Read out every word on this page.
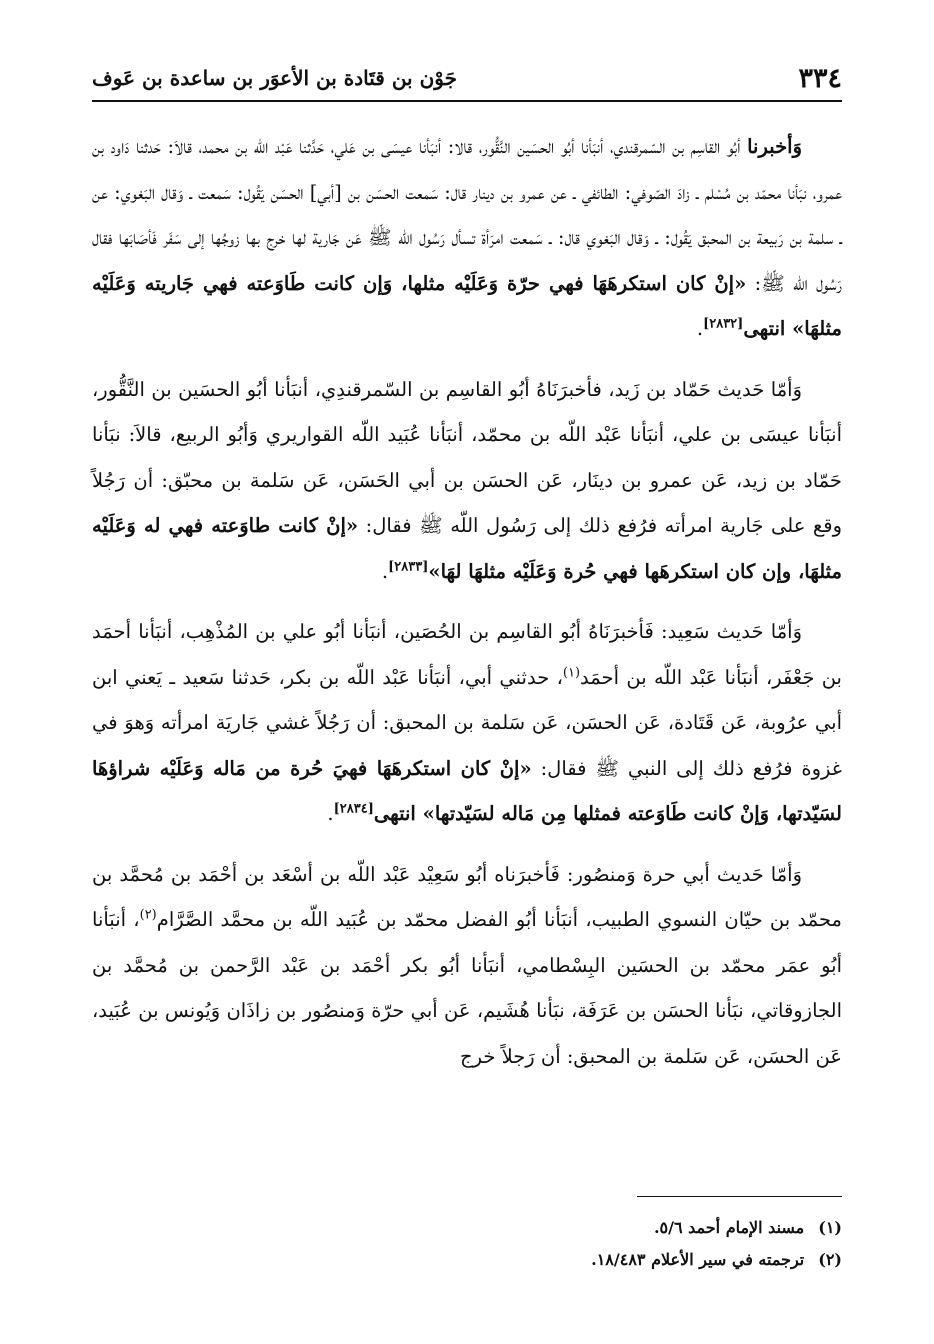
٣٣٤
جَوْن بن قتَادة بن الأعوَر بن ساعدة بن عَوف

وَأخبرنا أبُو القاسِم بن السّمرقندي، أنبَأنا أبُو الحسَين النَّقُّور، قالا: أنبَأنا عيسَى بن عَلي، حَدَّثنا عَبْد اللّه بن محمد، قالاَ: حَدثنا دَاود بن عمرو، نبَأنا محمّد بن مُسْلم ـ زادَ الصّوفي: الطائفي ـ عن عمرو بن دينار قال: سَمعت الحسَن بن [أبي] الحسَن يَقُول: سَمعت ـ وَقال البَغوي: عن ـ سلمة بن رَبيعة بن المحبق يَقُول: ـ وَقال البَغوي قال: ـ سَمعت امرَأة تسأل رَسُول اللّه ﷺ عَن جَارية لها خرج بها زوجُها إلى سَفَر فَأصَابَها فقال رَسُول اللّه ﷺ: «إنْ كان استكرهَهَا فهي حرّة وَعَلَيْه مثلها، وَإن كانت طَاوَعته فهي جَاريته وَعَلَيْه مثلهَا» انتهى[٢٨٣٢].

وَأمّا حَديث حَمّاد بن زَيد، فأخبرَنَاهُ أبُو القاسِم بن السّمرقندِي، أنبَأنا أبُو الحسَين بن النَّقُّور، أنبَأنا عيسَى بن علي، أنبَأنا عَبْد اللّه بن محمّد، أنبَأنا عُبَيد اللّه القواريري وَأبُو الربيع، قالاَ: نبَأنا حَمّاد بن زيد، عَن عمرو بن دينَار، عَن الحسَن بن أبي الحَسَن، عَن سَلمة بن محبّق: أن رَجُلاً وقع على جَارية امرأته فرُفع ذلك إلى رَسُول اللّه ﷺ فقال: «إنْ كانت طاوَعته فهي له وَعَلَيْه مثلهَا، وإن كان استكرهَها فهي حُرة وَعَلَيْه مثلهَا لهَا»[٢٨٣٣].

وَأمّا حَديث سَعِيد: فَأخبرَنَاهُ أبُو القاسِم بن الحُصَين، أنبَأنا أبُو علي بن المُذْهِب، أنبَأنا أحمَد بن جَعْفَر، أنبَأنا عَبْد اللّه بن أحمَد$^{(١)}$، حدثني أبي، أنبَأنا عَبْد اللّه بن بكر، حَدثنا سَعيد ـ يَعني ابن أبي عرُوبة، عَن قَتَادة، عَن الحسَن، عَن سَلمة بن المحبق: أن رَجُلاً غشي جَاريَة امرأته وَهوَ في غزوة فرُفع ذلك إلى النبي ﷺ فقال: «إنْ كان استكرهَهَا فهيَ حُرة من مَاله وَعَلَيْه شراؤهَا لسَيّدتها، وَإنْ كانت طَاوَعته فمثلها مِن مَاله لسَيّدتها» انتهى[٢٨٣٤].

وَأمّا حَديث أبي حرة وَمنصُور: فَأخبرَناه أبُو سَعِيْد عَبْد اللّه بن أسْعَد بن أحْمَد بن مُحمَّد بن محمّد بن حيّان النسوي الطبيب، أنبَأنا أبُو الفضل محمّد بن عُبَيد اللّه بن محمَّد الصَّرَّام$^{(٢)}$، أنبَأنا أبُو عمَر محمّد بن الحسَين البِسْطامي، أنبَأنا أبُو بكر أحْمَد بن عَبْد الرَّحمن بن مُحمَّد بن الجازوقاتي، نبَأنا الحسَن بن عَرَفَة، نبَأنا هُشَيم، عَن أبي حرّة وَمنصُور بن زاذَان وَيُونس بن عُبَيد، عَن الحسَن، عَن سَلمة بن المحبق: أن رَجلاً خرج

(١)
مسند الإمام أحمد ٥/٦.
(٢)
ترجمته في سير الأعلام ١٨/٤٨٣.
